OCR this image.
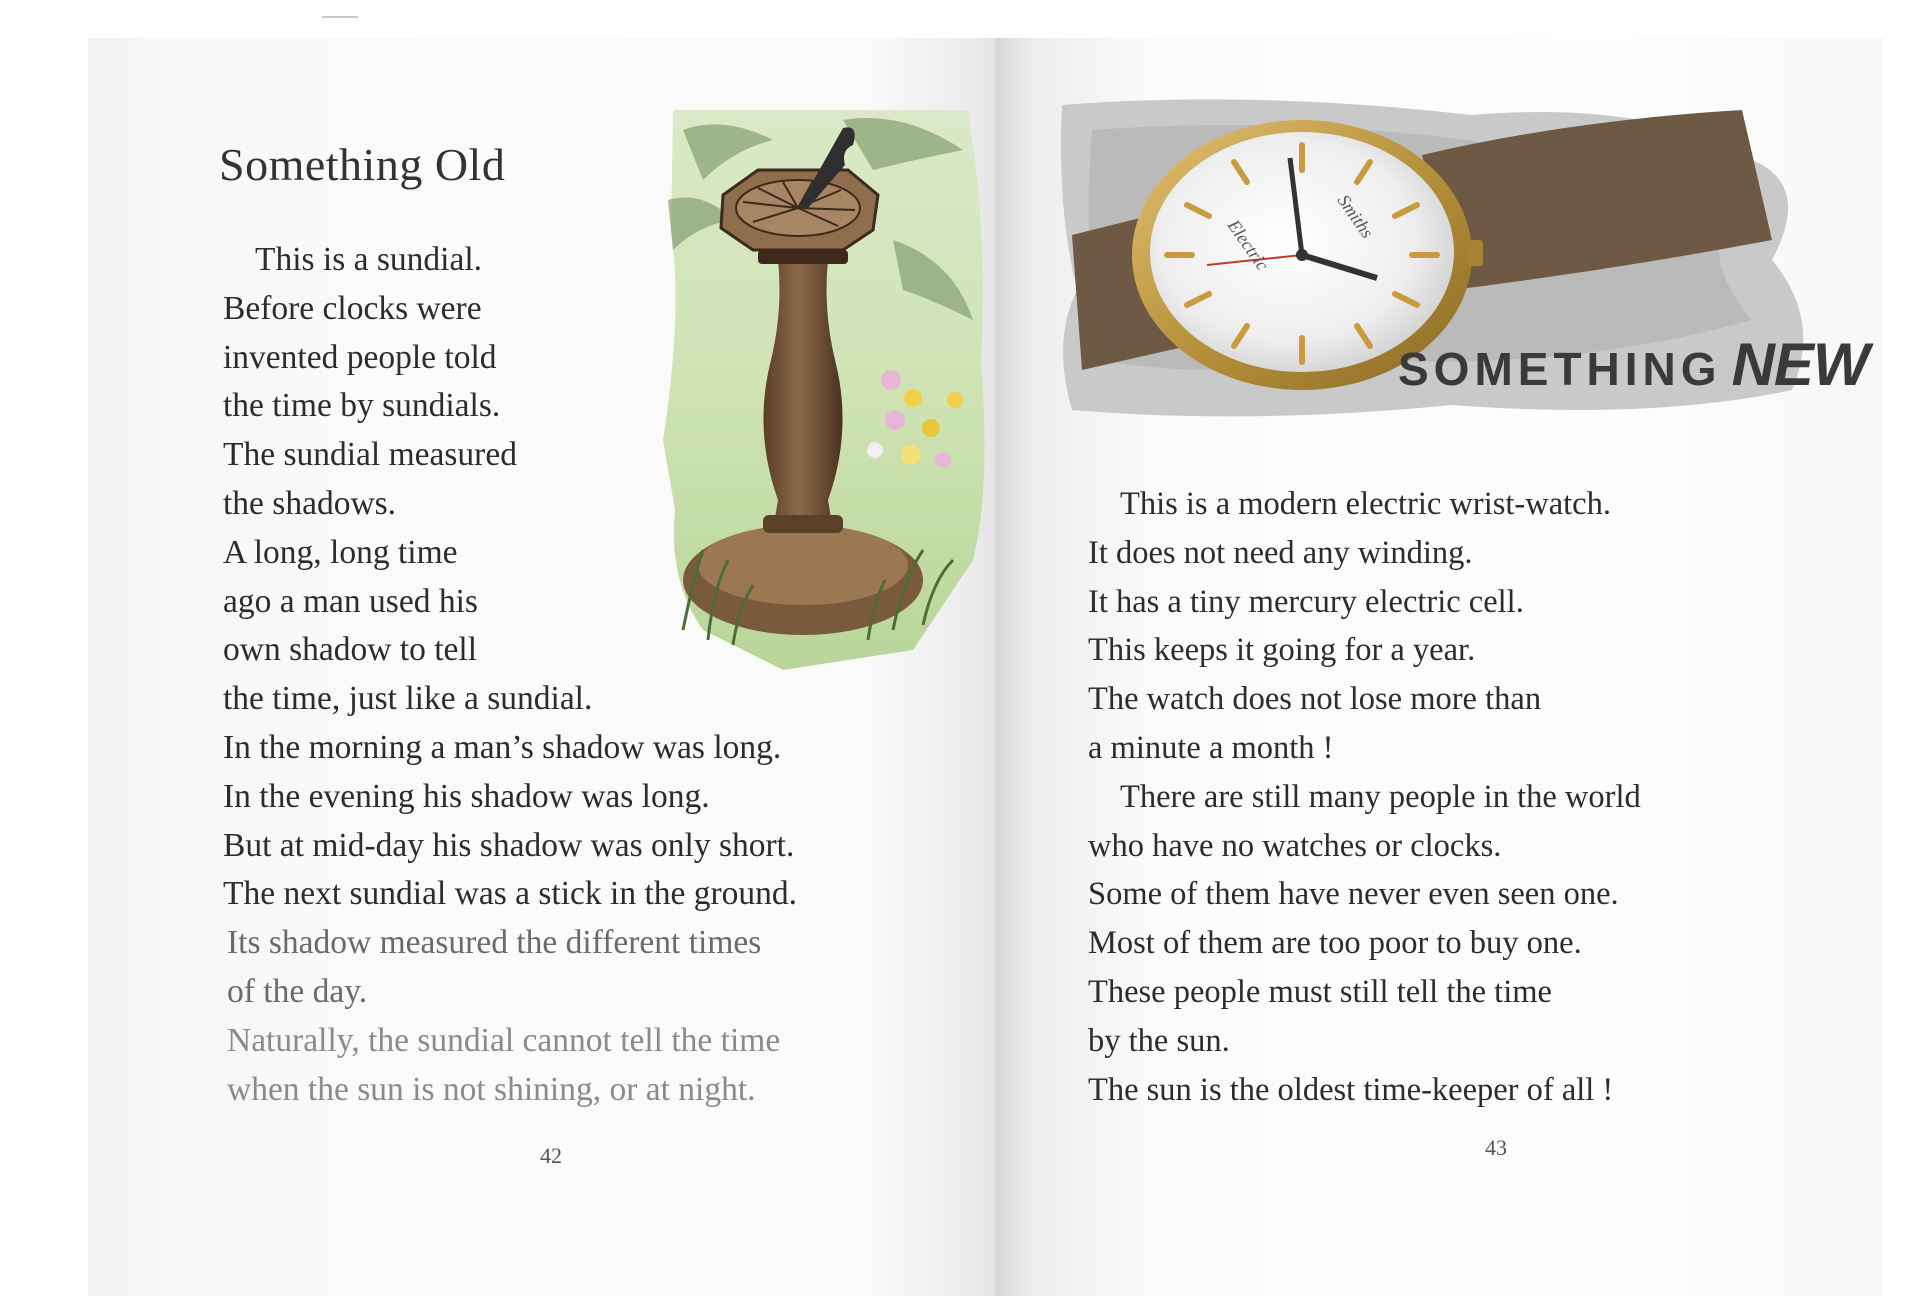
Something Old
This is a sundial.
Before clocks were
invented people told
the time by sundials.
The sundial measured
the shadows.
A long, long time
ago a man used his
own shadow to tell
the time, just like a sundial.
In the morning a man’s shadow was long.
In the evening his shadow was long.
But at mid-day his shadow was only short.
The next sundial was a stick in the ground.
Its shadow measured the different times
of the day.
Naturally, the sundial cannot tell the time
when the sun is not shining, or at night.
42	43
Smiths
Electric
SOMETHING NEW
This is a modern electric wrist-watch.
It does not need any winding.
It has a tiny mercury electric cell.
This keeps it going for a year.
The watch does not lose more than
a minute a month !
There are still many people in the world
who have no watches or clocks.
Some of them have never even seen one.
Most of them are too poor to buy one.
These people must still tell the time
by the sun.
The sun is the oldest time-keeper of all !
